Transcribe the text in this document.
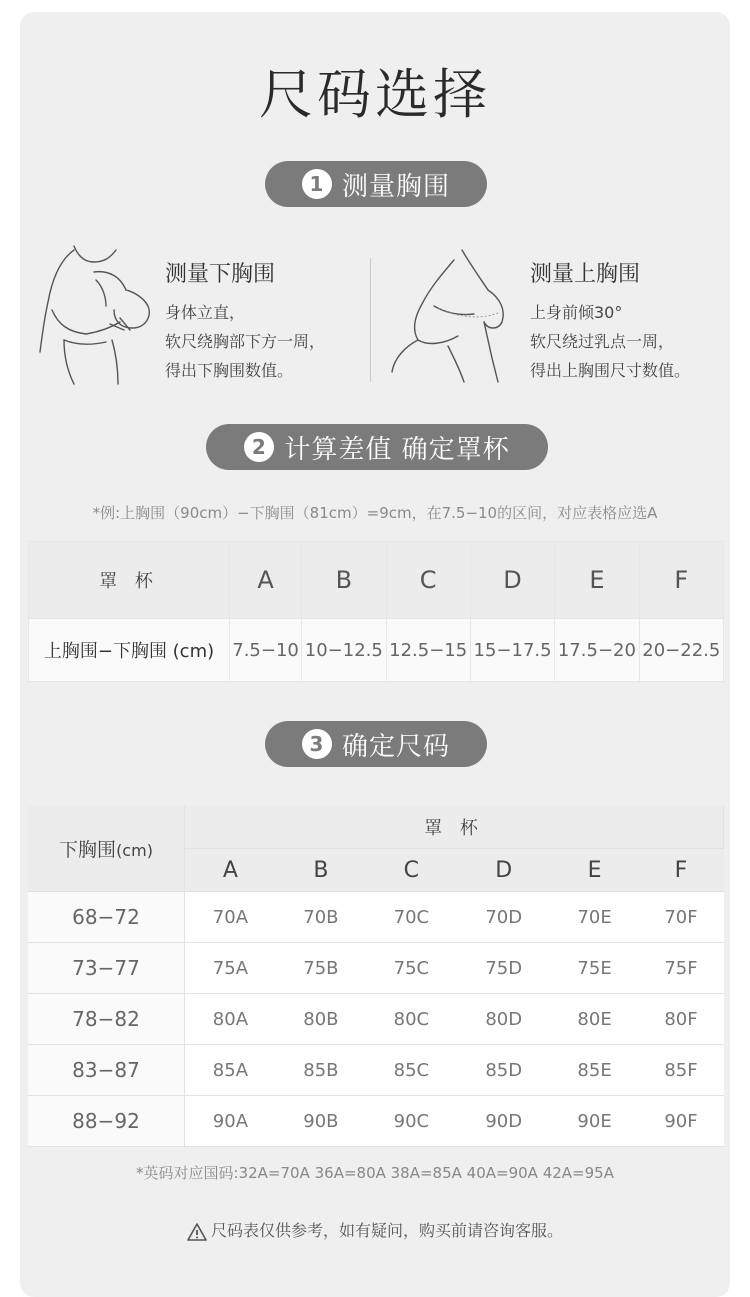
尺码选择
1 测量胸围
测量下胸围
身体立直，
软尺绕胸部下方一周，
得出下胸围数值。
测量上胸围
上身前倾30°
软尺绕过乳点一周，
得出上胸围尺寸数值。
2 计算差值 确定罩杯
*例:上胸围（90cm）−下胸围（81cm）=9cm，在7.5−10的区间，对应表格应选A
罩 杯	A	B	C	D	E	F
上胸围−下胸围 (cm)	7.5−10	10−12.5	12.5−15	15−17.5	17.5−20	20−22.5
3 确定尺码
下胸围(cm)	罩 杯					
	A	B	C	D	E	F
68−72	70A	70B	70C	70D	70E	70F
73−77	75A	75B	75C	75D	75E	75F
78−82	80A	80B	80C	80D	80E	80F
83−87	85A	85B	85C	85D	85E	85F
88−92	90A	90B	90C	90D	90E	90F
*英码对应国码:32A=70A 36A=80A 38A=85A 40A=90A 42A=95A
尺码表仅供参考，如有疑问，购买前请咨询客服。
